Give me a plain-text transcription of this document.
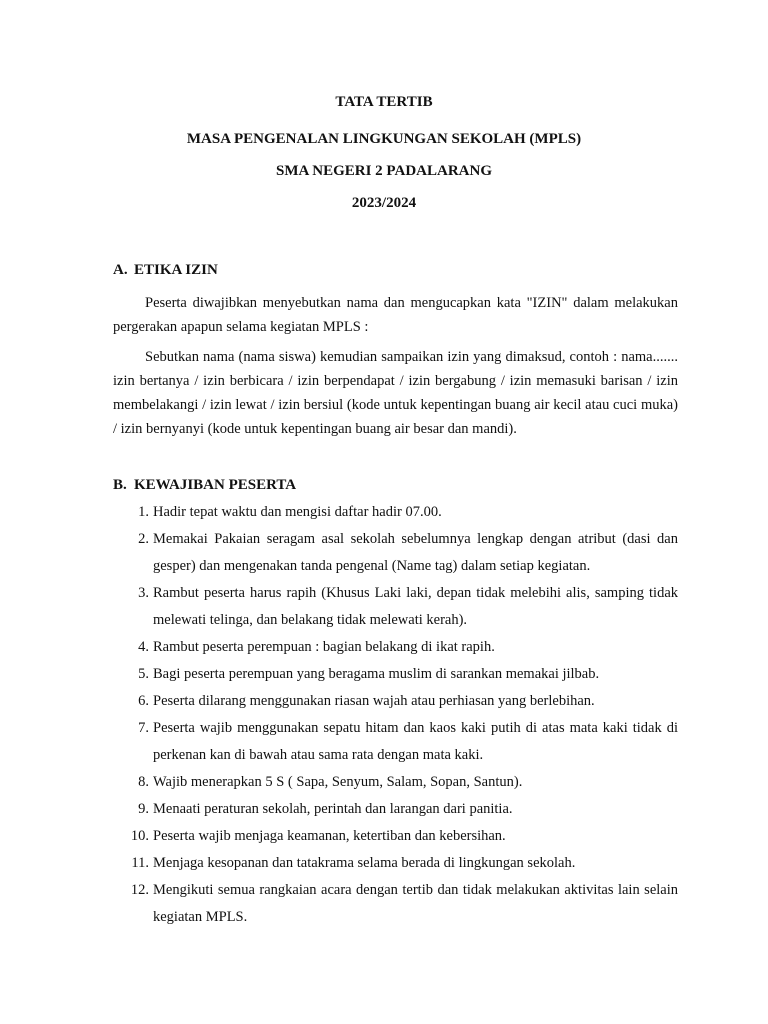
TATA TERTIB
MASA PENGENALAN LINGKUNGAN SEKOLAH (MPLS)
SMA NEGERI 2 PADALARANG
2023/2024
A. ETIKA IZIN

Peserta diwajibkan menyebutkan nama dan mengucapkan kata "IZIN" dalam melakukan pergerakan apapun selama kegiatan MPLS :

Sebutkan nama (nama siswa) kemudian sampaikan izin yang dimaksud, contoh : nama....... izin bertanya / izin berbicara / izin berpendapat / izin bergabung / izin memasuki barisan / izin membelakangi / izin lewat / izin bersiul (kode untuk kepentingan buang air kecil atau cuci muka) / izin bernyanyi (kode untuk kepentingan buang air besar dan mandi).

B. KEWAJIBAN PESERTA
1. Hadir tepat waktu dan mengisi daftar hadir 07.00.
2. Memakai Pakaian seragam asal sekolah sebelumnya lengkap dengan atribut (dasi dan gesper) dan mengenakan tanda pengenal (Name tag) dalam setiap kegiatan.
3. Rambut peserta harus rapih (Khusus Laki laki, depan tidak melebihi alis, samping tidak melewati telinga, dan belakang tidak melewati kerah).
4. Rambut peserta perempuan : bagian belakang di ikat rapih.
5. Bagi peserta perempuan yang beragama muslim di sarankan memakai jilbab.
6. Peserta dilarang menggunakan riasan wajah atau perhiasan yang berlebihan.
7. Peserta wajib menggunakan sepatu hitam dan kaos kaki putih di atas mata kaki tidak di perkenan kan di bawah atau sama rata dengan mata kaki.
8. Wajib menerapkan 5 S ( Sapa, Senyum, Salam, Sopan, Santun).
9. Menaati peraturan sekolah, perintah dan larangan dari panitia.
10. Peserta wajib menjaga keamanan, ketertiban dan kebersihan.
11. Menjaga kesopanan dan tatakrama selama berada di lingkungan sekolah.
12. Mengikuti semua rangkaian acara dengan tertib dan tidak melakukan aktivitas lain selain kegiatan MPLS.
